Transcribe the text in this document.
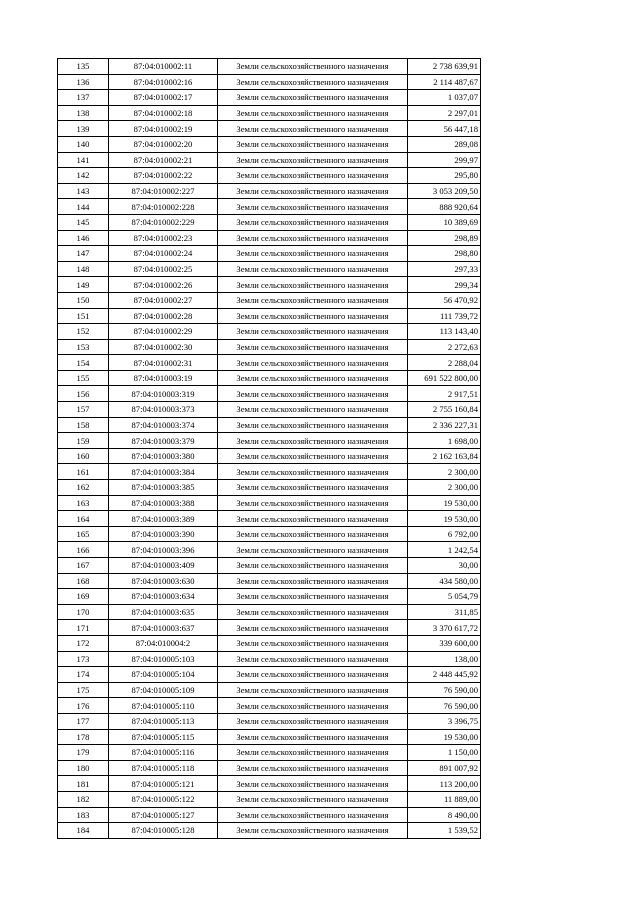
135	87:04:010002:11	Земли сельскохозяйственного назначения	2 738 639,91
136	87:04:010002:16	Земли сельскохозяйственного назначения	2 114 487,67
137	87:04:010002:17	Земли сельскохозяйственного назначения	1 037,07
138	87:04:010002:18	Земли сельскохозяйственного назначения	2 297,01
139	87:04:010002:19	Земли сельскохозяйственного назначения	56 447,18
140	87:04:010002:20	Земли сельскохозяйственного назначения	289,08
141	87:04:010002:21	Земли сельскохозяйственного назначения	299,97
142	87:04:010002:22	Земли сельскохозяйственного назначения	295,80
143	87:04:010002:227	Земли сельскохозяйственного назначения	3 053 209,50
144	87:04:010002:228	Земли сельскохозяйственного назначения	888 920,64
145	87:04:010002:229	Земли сельскохозяйственного назначения	10 389,69
146	87:04:010002:23	Земли сельскохозяйственного назначения	298,89
147	87:04:010002:24	Земли сельскохозяйственного назначения	298,80
148	87:04:010002:25	Земли сельскохозяйственного назначения	297,33
149	87:04:010002:26	Земли сельскохозяйственного назначения	299,34
150	87:04:010002:27	Земли сельскохозяйственного назначения	56 470,92
151	87:04:010002:28	Земли сельскохозяйственного назначения	111 739,72
152	87:04:010002:29	Земли сельскохозяйственного назначения	113 143,40
153	87:04:010002:30	Земли сельскохозяйственного назначения	2 272,63
154	87:04:010002:31	Земли сельскохозяйственного назначения	2 288,04
155	87:04:010003:19	Земли сельскохозяйственного назначения	691 522 800,00
156	87:04:010003:319	Земли сельскохозяйственного назначения	2 917,51
157	87:04:010003:373	Земли сельскохозяйственного назначения	2 755 160,84
158	87:04:010003:374	Земли сельскохозяйственного назначения	2 336 227,31
159	87:04:010003:379	Земли сельскохозяйственного назначения	1 698,00
160	87:04:010003:380	Земли сельскохозяйственного назначения	2 162 163,84
161	87:04:010003:384	Земли сельскохозяйственного назначения	2 300,00
162	87:04:010003:385	Земли сельскохозяйственного назначения	2 300,00
163	87:04:010003:388	Земли сельскохозяйственного назначения	19 530,00
164	87:04:010003:389	Земли сельскохозяйственного назначения	19 530,00
165	87:04:010003:390	Земли сельскохозяйственного назначения	6 792,00
166	87:04:010003:396	Земли сельскохозяйственного назначения	1 242,54
167	87:04:010003:409	Земли сельскохозяйственного назначения	30,00
168	87:04:010003:630	Земли сельскохозяйственного назначения	434 580,00
169	87:04:010003:634	Земли сельскохозяйственного назначения	5 054,79
170	87:04:010003:635	Земли сельскохозяйственного назначения	311,85
171	87:04:010003:637	Земли сельскохозяйственного назначения	3 370 617,72
172	87:04:010004:2	Земли сельскохозяйственного назначения	339 600,00
173	87:04:010005:103	Земли сельскохозяйственного назначения	138,00
174	87:04:010005:104	Земли сельскохозяйственного назначения	2 448 445,92
175	87:04:010005:109	Земли сельскохозяйственного назначения	76 590,00
176	87:04:010005:110	Земли сельскохозяйственного назначения	76 590,00
177	87:04:010005:113	Земли сельскохозяйственного назначения	3 396,75
178	87:04:010005:115	Земли сельскохозяйственного назначения	19 530,00
179	87:04:010005:116	Земли сельскохозяйственного назначения	1 150,00
180	87:04:010005:118	Земли сельскохозяйственного назначения	891 007,92
181	87:04:010005:121	Земли сельскохозяйственного назначения	113 200,00
182	87:04:010005:122	Земли сельскохозяйственного назначения	11 889,00
183	87:04:010005:127	Земли сельскохозяйственного назначения	8 490,00
184	87:04:010005:128	Земли сельскохозяйственного назначения	1 539,52
